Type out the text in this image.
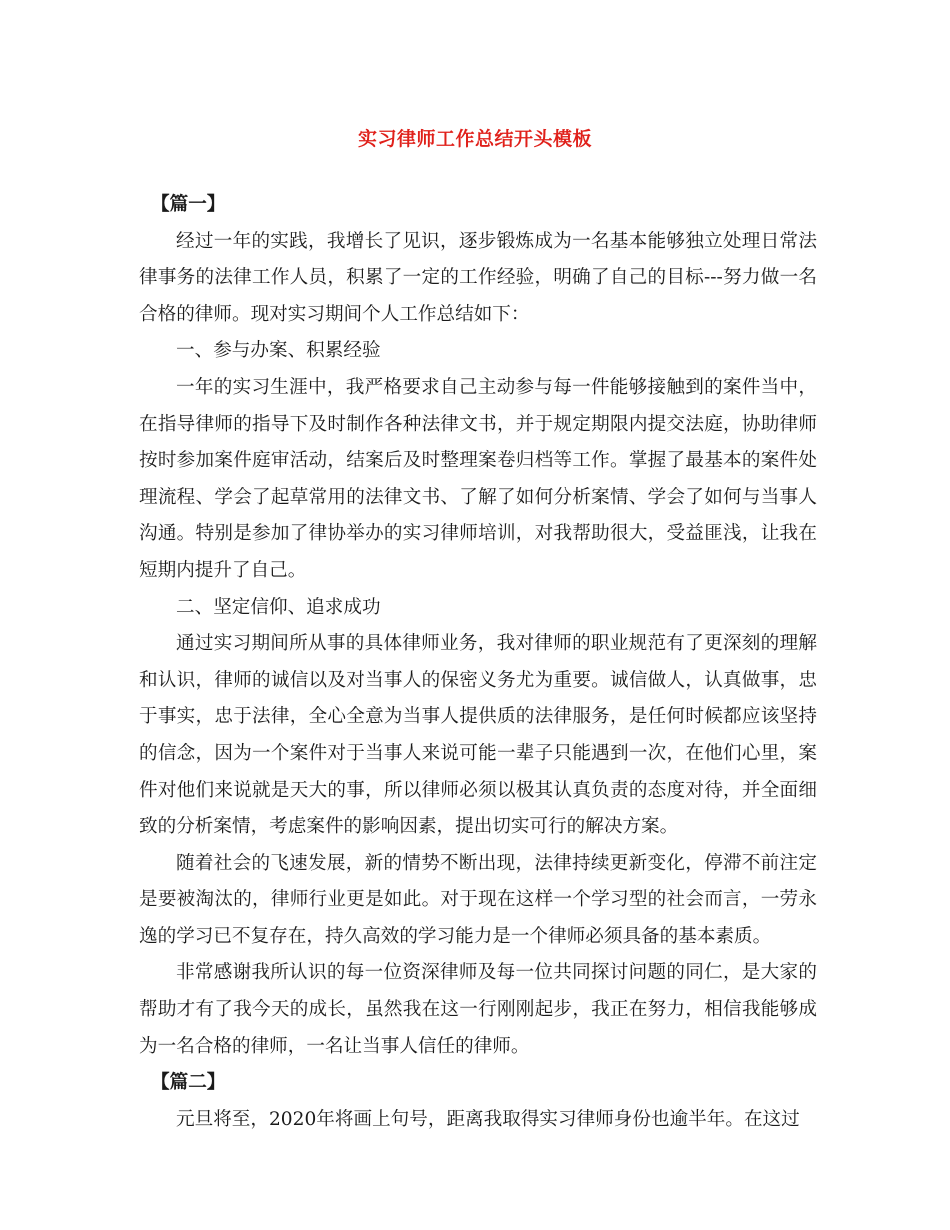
实习律师工作总结开头模板

【篇一】

经过一年的实践，我增长了见识，逐步锻炼成为一名基本能够独立处理日常法律事务的法律工作人员，积累了一定的工作经验，明确了自己的目标---努力做一名合格的律师。现对实习期间个人工作总结如下：

一、参与办案、积累经验

一年的实习生涯中，我严格要求自己主动参与每一件能够接触到的案件当中，在指导律师的指导下及时制作各种法律文书，并于规定期限内提交法庭，协助律师按时参加案件庭审活动，结案后及时整理案卷归档等工作。掌握了最基本的案件处理流程、学会了起草常用的法律文书、了解了如何分析案情、学会了如何与当事人沟通。特别是参加了律协举办的实习律师培训，对我帮助很大，受益匪浅，让我在短期内提升了自己。

二、坚定信仰、追求成功

通过实习期间所从事的具体律师业务，我对律师的职业规范有了更深刻的理解和认识，律师的诚信以及对当事人的保密义务尤为重要。诚信做人，认真做事，忠于事实，忠于法律，全心全意为当事人提供质的法律服务，是任何时候都应该坚持的信念，因为一个案件对于当事人来说可能一辈子只能遇到一次，在他们心里，案件对他们来说就是天大的事，所以律师必须以极其认真负责的态度对待，并全面细致的分析案情，考虑案件的影响因素，提出切实可行的解决方案。

随着社会的飞速发展，新的情势不断出现，法律持续更新变化，停滞不前注定是要被淘汰的，律师行业更是如此。对于现在这样一个学习型的社会而言，一劳永逸的学习已不复存在，持久高效的学习能力是一个律师必须具备的基本素质。

非常感谢我所认识的每一位资深律师及每一位共同探讨问题的同仁，是大家的帮助才有了我今天的成长，虽然我在这一行刚刚起步，我正在努力，相信我能够成为一名合格的律师，一名让当事人信任的律师。

【篇二】

元旦将至，2020年将画上句号，距离我取得实习律师身份也逾半年。在这过
